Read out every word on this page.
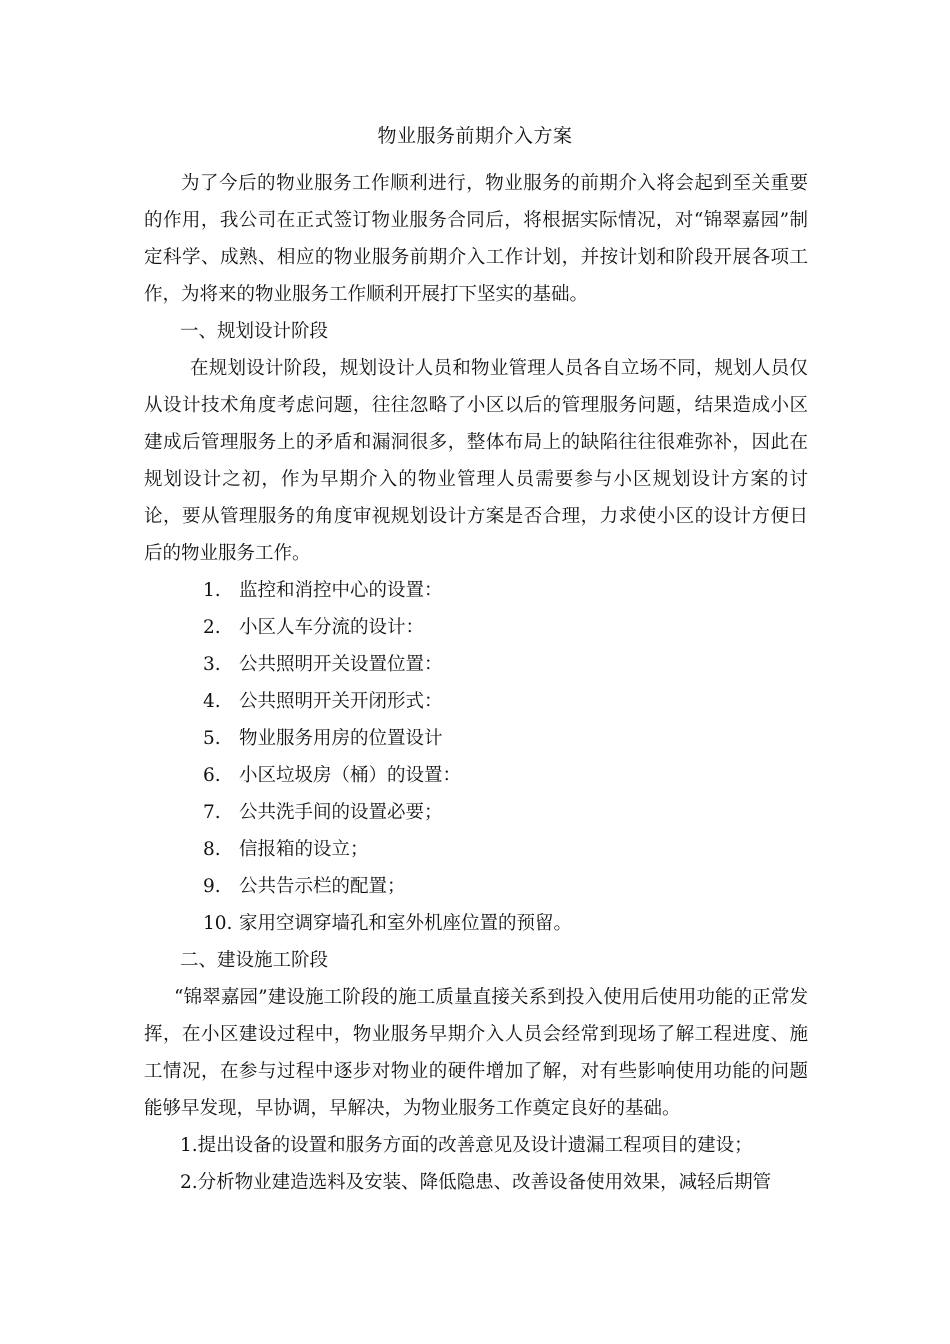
物业服务前期介入方案
为了今后的物业服务工作顺利进行，物业服务的前期介入将会起到至关重要的作用，我公司在正式签订物业服务合同后，将根据实际情况，对“锦翠嘉园”制定科学、成熟、相应的物业服务前期介入工作计划，并按计划和阶段开展各项工作，为将来的物业服务工作顺利开展打下坚实的基础。
一、规划设计阶段
在规划设计阶段，规划设计人员和物业管理人员各自立场不同，规划人员仅从设计技术角度考虑问题，往往忽略了小区以后的管理服务问题，结果造成小区建成后管理服务上的矛盾和漏洞很多，整体布局上的缺陷往往很难弥补，因此在规划设计之初，作为早期介入的物业管理人员需要参与小区规划设计方案的讨论，要从管理服务的角度审视规划设计方案是否合理，力求使小区的设计方便日后的物业服务工作。
1. 监控和消控中心的设置：
2. 小区人车分流的设计：
3. 公共照明开关设置位置：
4. 公共照明开关开闭形式：
5. 物业服务用房的位置设计
6. 小区垃圾房（桶）的设置：
7. 公共洗手间的设置必要；
8. 信报箱的设立；
9. 公共告示栏的配置；
10. 家用空调穿墙孔和室外机座位置的预留。
二、建设施工阶段
“锦翠嘉园”建设施工阶段的施工质量直接关系到投入使用后使用功能的正常发挥，在小区建设过程中，物业服务早期介入人员会经常到现场了解工程进度、施工情况，在参与过程中逐步对物业的硬件增加了解，对有些影响使用功能的问题能够早发现，早协调，早解决，为物业服务工作奠定良好的基础。
1.提出设备的设置和服务方面的改善意见及设计遗漏工程项目的建设；
2.分析物业建造选料及安装、降低隐患、改善设备使用效果，减轻后期管
